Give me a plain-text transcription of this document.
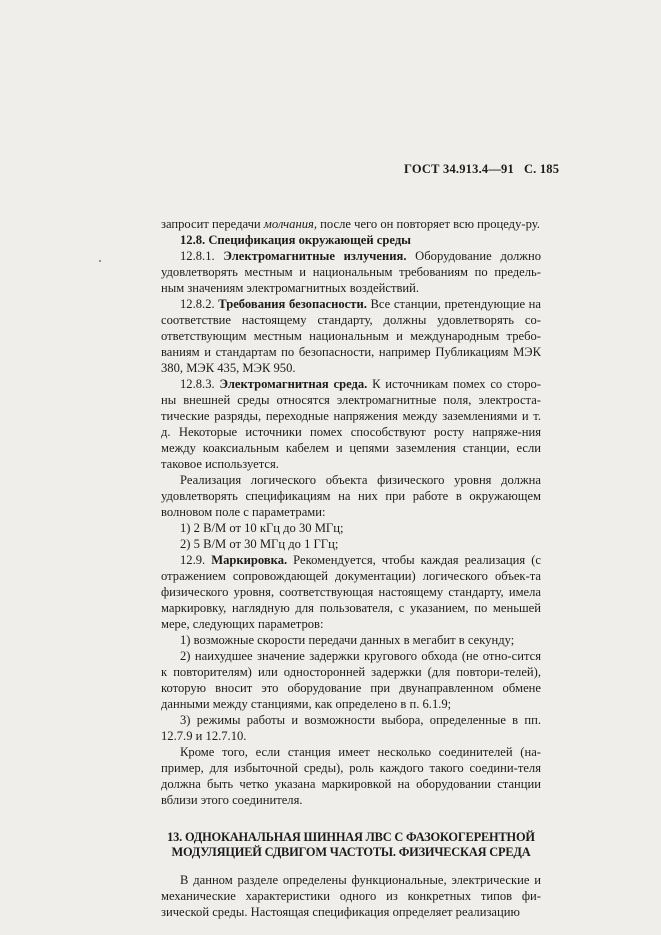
ГОСТ 34.913.4—91 С. 185

запросит передачи молчания, после чего он повторяет всю процеду-ру.

12.8. Спецификация окружающей среды

12.8.1. Электромагнитные излучения. Оборудование должно удовлетворять местным и национальным требованиям по предель-ным значениям электромагнитных воздействий.

12.8.2. Требования безопасности. Все станции, претендующие на соответствие настоящему стандарту, должны удовлетворять со-ответствующим местным национальным и международным требо-ваниям и стандартам по безопасности, например Публикациям МЭК 380, МЭК 435, МЭК 950.

12.8.3. Электромагнитная среда. К источникам помех со сторо-ны внешней среды относятся электромагнитные поля, электроста-тические разряды, переходные напряжения между заземлениями и т. д. Некоторые источники помех способствуют росту напряже-ния между коаксиальным кабелем и цепями заземления станции, если таковое используется.

Реализация логического объекта физического уровня должна удовлетворять спецификациям на них при работе в окружающем волновом поле с параметрами:

1) 2 В/М от 10 кГц до 30 МГц;

2) 5 В/М от 30 МГц до 1 ГГц;

12.9. Маркировка. Рекомендуется, чтобы каждая реализация (с отражением сопровождающей документации) логического объек-та физического уровня, соответствующая настоящему стандарту, имела маркировку, наглядную для пользователя, с указанием, по меньшей мере, следующих параметров:

1) возможные скорости передачи данных в мегабит в секунду;

2) наихудшее значение задержки кругового обхода (не отно-сится к повторителям) или односторонней задержки (для повтори-телей), которую вносит это оборудование при двунаправленном обмене данными между станциями, как определено в п. 6.1.9;

3) режимы работы и возможности выбора, определенные в пп. 12.7.9 и 12.7.10.

Кроме того, если станция имеет несколько соединителей (на-пример, для избыточной среды), роль каждого такого соедини-теля должна быть четко указана маркировкой на оборудовании станции вблизи этого соединителя.

13. ОДНОКАНАЛЬНАЯ ШИННАЯ ЛВС С ФАЗОКОГЕРЕНТНОЙ
МОДУЛЯЦИЕЙ СДВИГОМ ЧАСТОТЫ. ФИЗИЧЕСКАЯ СРЕДА

В данном разделе определены функциональные, электрические и механические характеристики одного из конкретных типов фи-зической среды. Настоящая спецификация определяет реализацию
